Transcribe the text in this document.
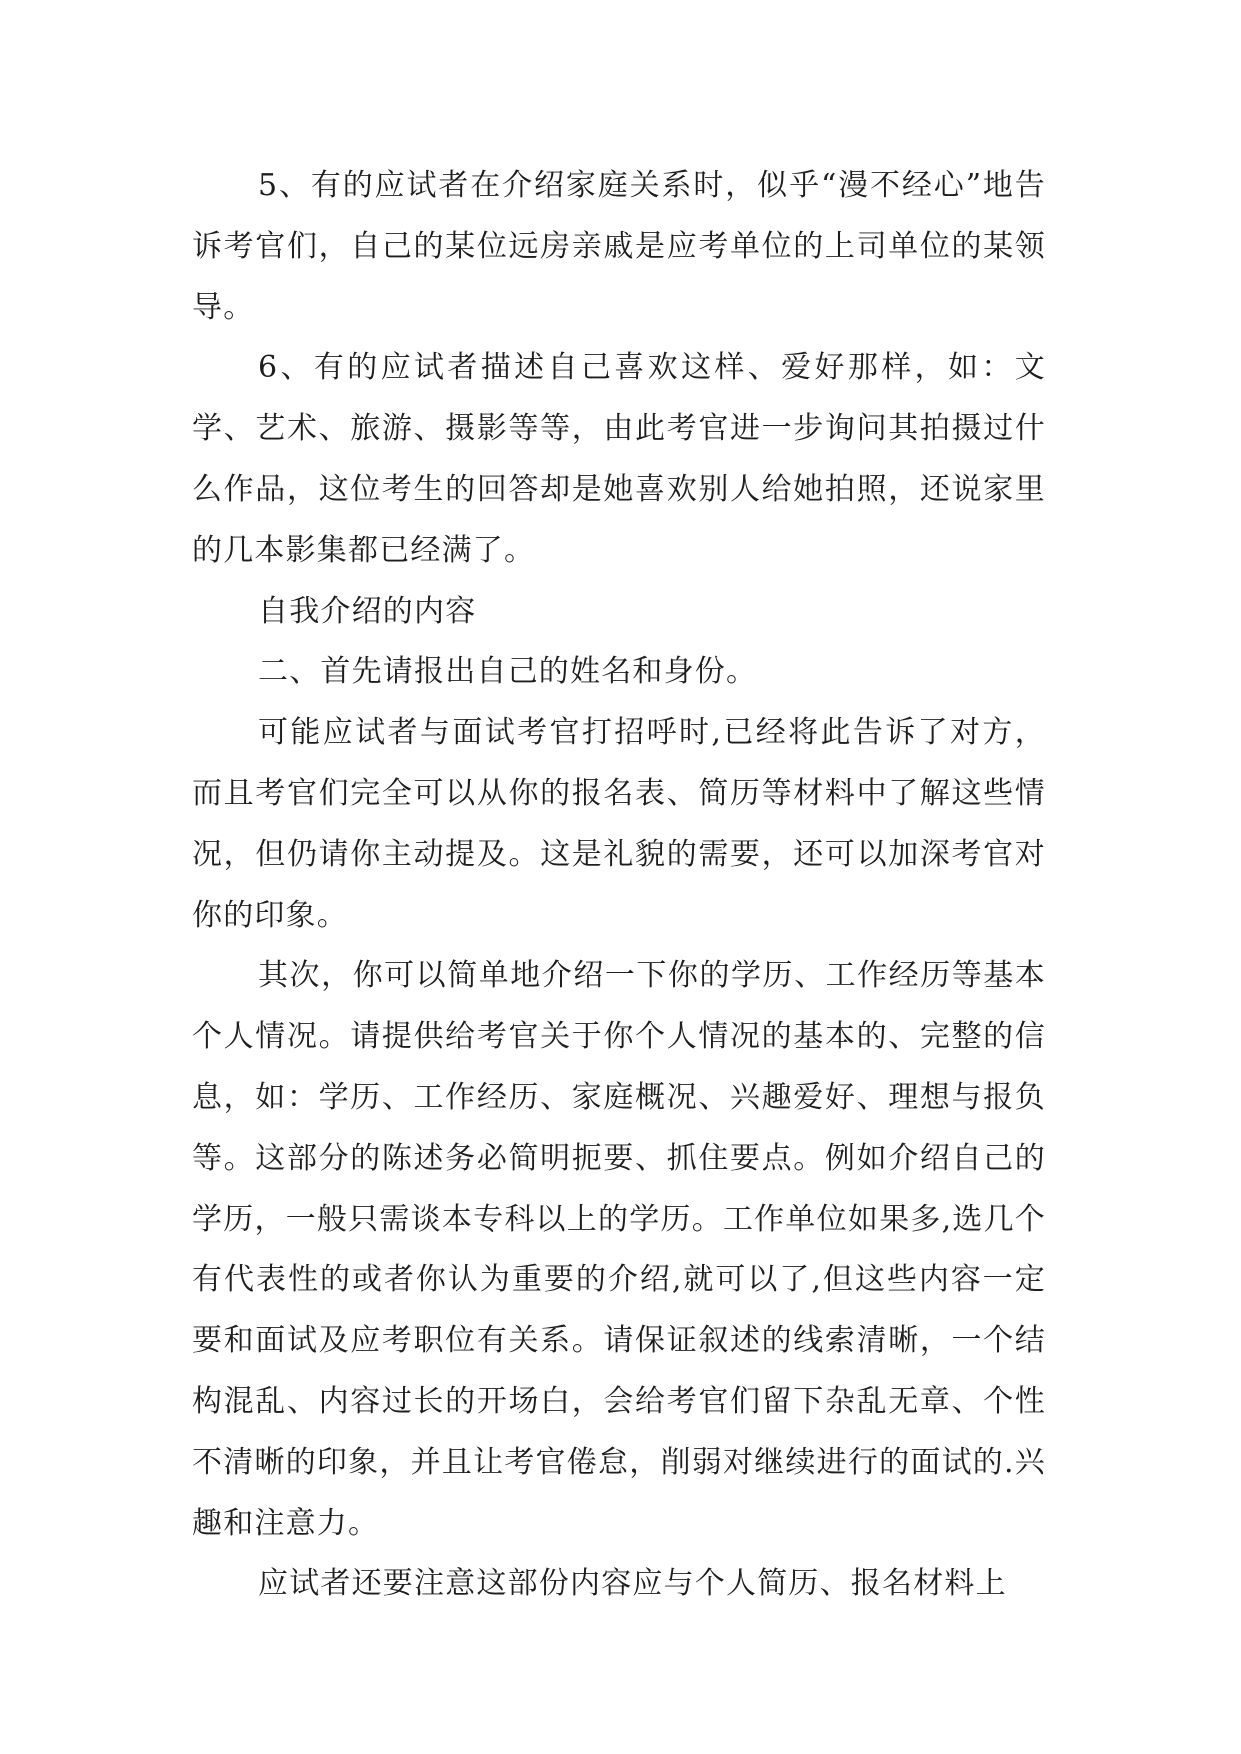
5、有的应试者在介绍家庭关系时，似乎“漫不经心”地告诉考官们，自己的某位远房亲戚是应考单位的上司单位的某领导。

6、有的应试者描述自己喜欢这样、爱好那样，如：文学、艺术、旅游、摄影等等，由此考官进一步询问其拍摄过什么作品，这位考生的回答却是她喜欢别人给她拍照，还说家里的几本影集都已经满了。

自我介绍的内容

二、首先请报出自己的姓名和身份。

可能应试者与面试考官打招呼时,已经将此告诉了对方，而且考官们完全可以从你的报名表、简历等材料中了解这些情况，但仍请你主动提及。这是礼貌的需要，还可以加深考官对你的印象。

其次，你可以简单地介绍一下你的学历、工作经历等基本个人情况。请提供给考官关于你个人情况的基本的、完整的信息，如：学历、工作经历、家庭概况、兴趣爱好、理想与报负等。这部分的陈述务必简明扼要、抓住要点。例如介绍自己的学历，一般只需谈本专科以上的学历。工作单位如果多,选几个有代表性的或者你认为重要的介绍,就可以了,但这些内容一定要和面试及应考职位有关系。请保证叙述的线索清晰，一个结构混乱、内容过长的开场白，会给考官们留下杂乱无章、个性不清晰的印象，并且让考官倦怠，削弱对继续进行的面试的.兴趣和注意力。

应试者还要注意这部份内容应与个人简历、报名材料上
